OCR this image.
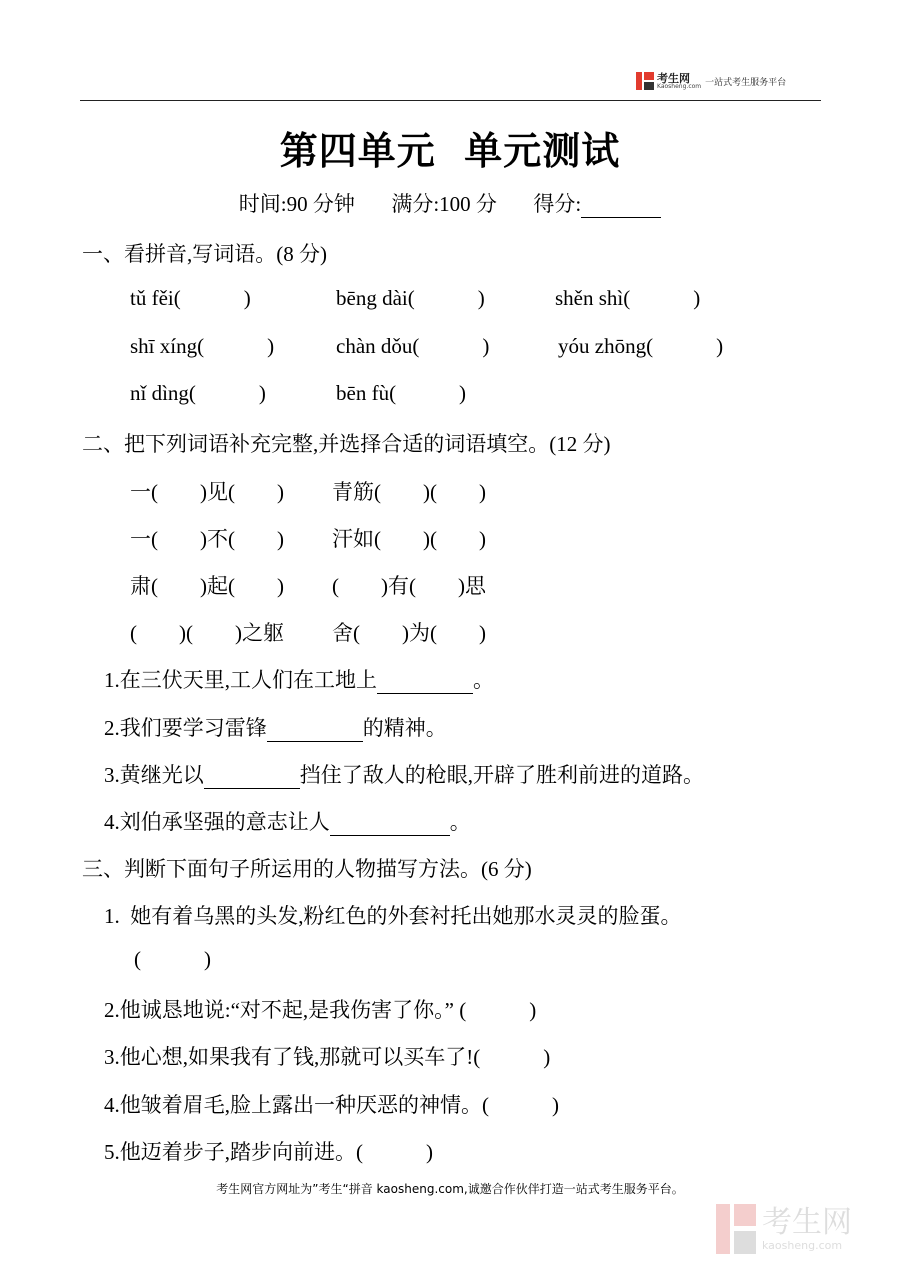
考生网
Kaosheng.com 一站式考生服务平台
第四单元  单元测试
时间:90 分钟 满分:100 分 得分:
一、看拼音,写词语。(8 分)
tǔ fěi(            )	bēng dài(            )	shěn shì(            )
shī xíng(            )	chàn dǒu(            )	yóu zhōng(            )
nǐ dìng(            )	bēn fù(            )
二、把下列词语补充完整,并选择合适的词语填空。(12 分)
一(        )见(        ) 青筋(        )(        )
一(        )不(        ) 汗如(        )(        )
肃(        )起(        ) (        )有(        )思
(        )(        )之躯 舍(        )为(        )
1.在三伏天里,工人们在工地上	。
2.我们要学习雷锋	的精神。
3.黄继光以	挡住了敌人的枪眼,开辟了胜利前进的道路。
4.刘伯承坚强的意志让人	。
三、判断下面句子所运用的人物描写方法。(6 分)
1.  她有着乌黑的头发,粉红色的外套衬托出她那水灵灵的脸蛋。
(            )
2.他诚恳地说:“对不起,是我伤害了你。” (            )
3.他心想,如果我有了钱,那就可以买车了!(            )
4.他皱着眉毛,脸上露出一种厌恶的神情。(            )
5.他迈着步子,踏步向前进。(            )
考生网官方网址为”考生“拼音 kaosheng.com,诚邀合作伙伴打造一站式考生服务平台。
考生网
kaosheng.com
